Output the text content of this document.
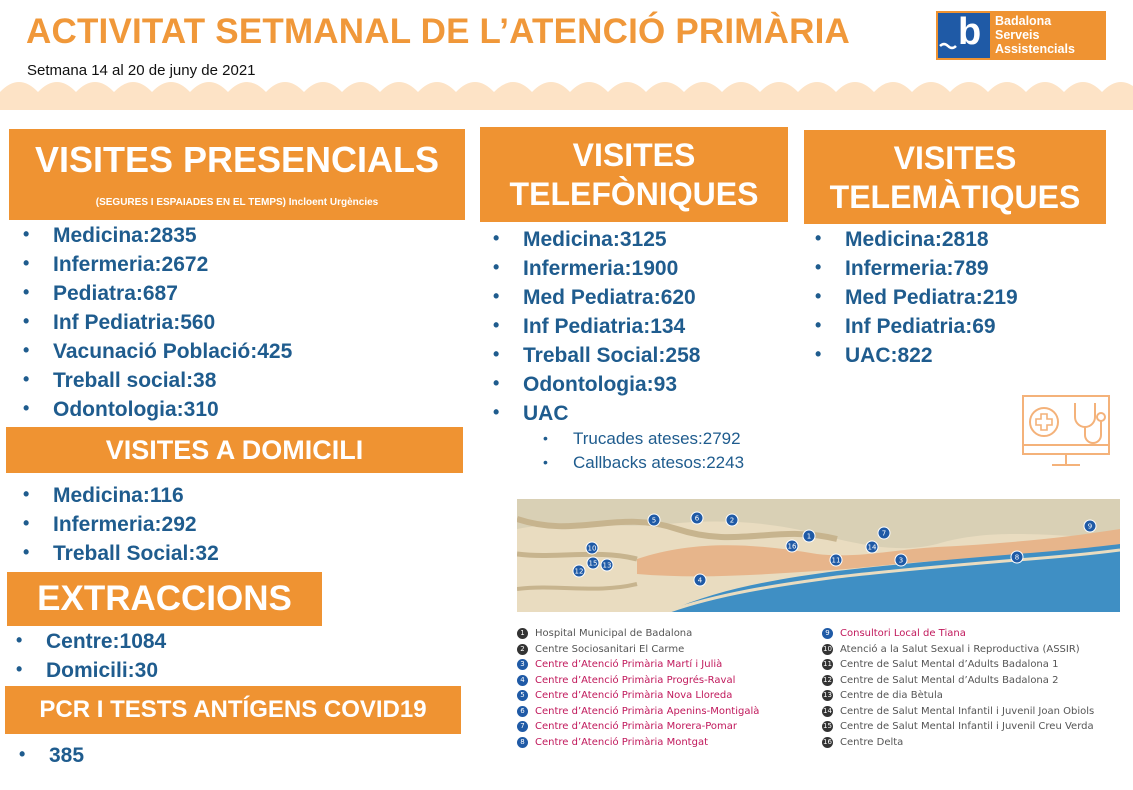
ACTIVITAT SETMANAL DE L’ATENCIÓ PRIMÀRIA
Setmana 14 al 20 de juny de 2021
b Badalona
Serveis
Assistencials
VISITES PRESENCIALS
(SEGURES I ESPAIADES EN EL TEMPS) Incloent Urgències
• Medicina:2835
• Infermeria:2672
• Pediatra:687
• Inf Pediatria:560
• Vacunació Població:425
• Treball social:38
• Odontologia:310
VISITES A DOMICILI
• Medicina:116
• Infermeria:292
• Treball Social:32
EXTRACCIONS
• Centre:1084
• Domicili:30
PCR I TESTS ANTÍGENS COVID19
• 385
VISITES
TELEFÒNIQUES
• Medicina:3125
• Infermeria:1900
• Med Pediatra:620
• Inf Pediatria:134
• Treball Social:258
• Odontologia:93
• UAC
• Trucades ateses:2792
• Callbacks atesos:2243
VISITES
TELEMÀTIQUES
• Medicina:2818
• Infermeria:789
• Med Pediatra:219
• Inf Pediatria:69
• UAC:822
5	6	2
1
10	16
7
14
3
9
8
12
15 13
11
4
1	Hospital Municipal de Badalona
2	Centre Sociosanitari El Carme
3	Centre d’Atenció Primària Martí i Julià
4	Centre d’Atenció Primària Progrés-Raval
5	Centre d’Atenció Primària Nova Lloreda
6	Centre d’Atenció Primària Apenins-Montigalà
7	Centre d’Atenció Primària Morera-Pomar
8	Centre d’Atenció Primària Montgat
9	Consultori Local de Tiana
10 Atenció a la Salut Sexual i Reproductiva (ASSIR)
11 Centre de Salut Mental d’Adults Badalona 1
12 Centre de Salut Mental d’Adults Badalona 2
13 Centre de dia Bètula
14 Centre de Salut Mental Infantil i Juvenil Joan Obiols
15 Centre de Salut Mental Infantil i Juvenil Creu Verda
16 Centre Delta
